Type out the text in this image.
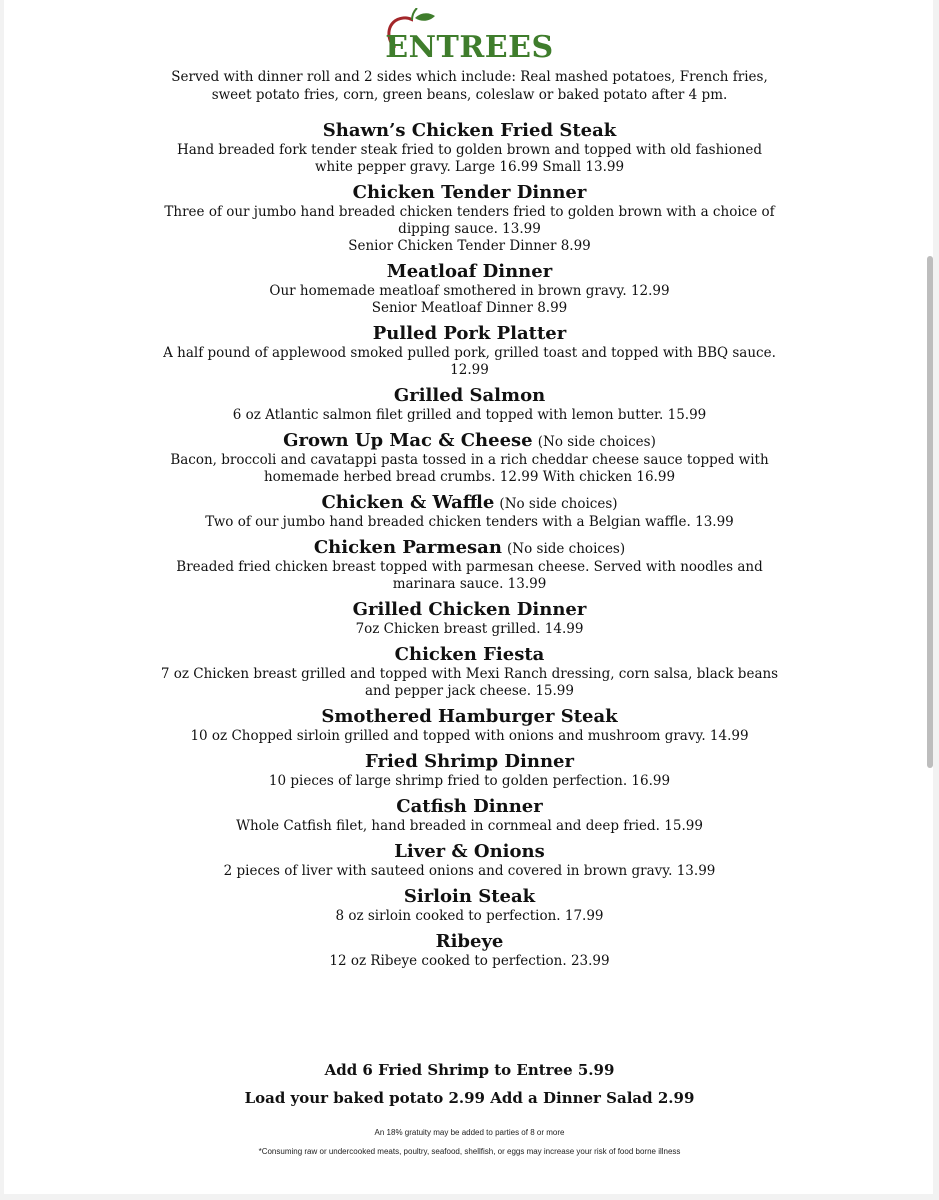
ENTREES
Served with dinner roll and 2 sides which include: Real mashed potatoes, French fries,
sweet potato fries, corn, green beans, coleslaw or baked potato after 4 pm.
Shawn’s Chicken Fried Steak
Hand breaded fork tender steak fried to golden brown and topped with old fashioned
white pepper gravy. Large 16.99 Small 13.99
Chicken Tender Dinner
Three of our jumbo hand breaded chicken tenders fried to golden brown with a choice of
dipping sauce. 13.99
Senior Chicken Tender Dinner 8.99
Meatloaf Dinner
Our homemade meatloaf smothered in brown gravy. 12.99
Senior Meatloaf Dinner 8.99
Pulled Pork Platter
A half pound of applewood smoked pulled pork, grilled toast and topped with BBQ sauce.
12.99
Grilled Salmon
6 oz Atlantic salmon filet grilled and topped with lemon butter. 15.99
Grown Up Mac & Cheese (No side choices)
Bacon, broccoli and cavatappi pasta tossed in a rich cheddar cheese sauce topped with
homemade herbed bread crumbs. 12.99 With chicken 16.99
Chicken & Waffle (No side choices)
Two of our jumbo hand breaded chicken tenders with a Belgian waffle. 13.99
Chicken Parmesan (No side choices)
Breaded fried chicken breast topped with parmesan cheese. Served with noodles and
marinara sauce. 13.99
Grilled Chicken Dinner
7oz Chicken breast grilled. 14.99
Chicken Fiesta
7 oz Chicken breast grilled and topped with Mexi Ranch dressing, corn salsa, black beans
and pepper jack cheese. 15.99
Smothered Hamburger Steak
10 oz Chopped sirloin grilled and topped with onions and mushroom gravy. 14.99
Fried Shrimp Dinner
10 pieces of large shrimp fried to golden perfection. 16.99
Catfish Dinner
Whole Catfish filet, hand breaded in cornmeal and deep fried. 15.99
Liver & Onions
2 pieces of liver with sauteed onions and covered in brown gravy. 13.99
Sirloin Steak
8 oz sirloin cooked to perfection. 17.99
Ribeye
12 oz Ribeye cooked to perfection. 23.99
Add 6 Fried Shrimp to Entree 5.99
Load your baked potato 2.99 Add a Dinner Salad 2.99
An 18% gratuity may be added to parties of 8 or more
*Consuming raw or undercooked meats, poultry, seafood, shellfish, or eggs may increase your risk of food borne illness
